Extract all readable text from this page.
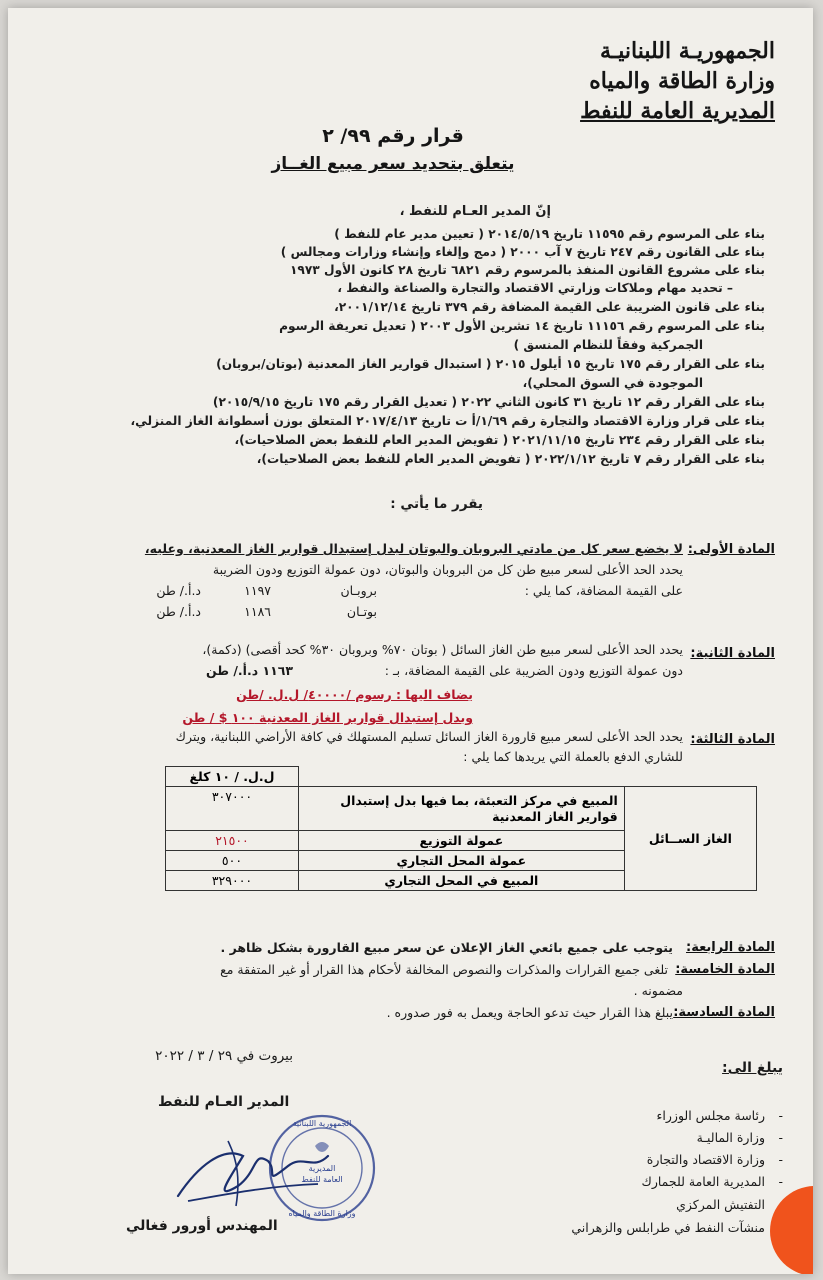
الجمهوريـة اللبنانيـة
وزارة الطاقة والمياه
المديرية العامة للنفط
قرار رقم ٩٩/ ٢
يتعلق بتحديد سعر مبيع الغــاز
إنّ المدير العـام للنفط ،
بناء على المرسوم رقم ١١٥٩٥ تاريخ ٢٠١٤/٥/١٩ ( تعيين مدير عام للنفط )
بناء على القانون رقم ٢٤٧ تاريخ ٧ آب ٢٠٠٠ ( دمج وإلغاء وإنشاء وزارات ومجالس )
بناء على مشروع القانون المنفذ بالمرسوم رقم ٦٨٢١ تاريخ ٢٨ كانون الأول ١٩٧٣
– تحديد مهام وملاكات وزارتي الاقتصاد والتجارة والصناعة والنفط ،
بناء على قانون الضريبة على القيمة المضافة رقم ٣٧٩ تاريخ ٢٠٠١/١٢/١٤،
بناء على المرسوم رقم ١١١٥٦ تاريخ ١٤ تشرين الأول ٢٠٠٣ ( تعديل تعريفة الرسوم
الجمركية وفقاً للنظام المنسق )
بناء على القرار رقم ١٧٥ تاريخ ١٥ أيلول ٢٠١٥ ( استبدال قوارير الغاز المعدنية (بوتان/بروبان)
الموجودة في السوق المحلي)،
بناء على القرار رقم ١٢ تاريخ ٣١ كانون الثاني ٢٠٢٢ ( تعديل القرار رقم ١٧٥ تاريخ ٢٠١٥/٩/١٥)
بناء على قرار وزارة الاقتصاد والتجارة رقم ١/٦٩/أ ت تاريخ ٢٠١٧/٤/١٣ المتعلق بوزن أسطوانة الغاز المنزلي،
بناء على القرار رقم ٢٣٤ تاريخ ٢٠٢١/١١/١٥ ( تفويض المدير العام للنفط بعض الصلاحيات)،
بناء على القرار رقم ٧ تاريخ ٢٠٢٢/١/١٢ ( تفويض المدير العام للنفط بعض الصلاحيات)،
يقرر ما يأتي :
المادة الأولى:
لا يخضع سعر كل من مادتي البروبان والبوتان لبدل إستبدال قوارير الغاز المعدنية، وعليه،
يحدد الحد الأعلى لسعر مبيع طن كل من البروبان والبوتان، دون عمولة التوزيع ودون الضريبة
على القيمة المضافة، كما يلي :
بروبـان
١١٩٧
د.أ./ طن
بوتـان
١١٨٦
د.أ./ طن
المادة الثانية:
يحدد الحد الأعلى لسعر مبيع طن الغاز السائل ( بوتان ٧٠% وبروبان ٣٠% كحد أقصى) (دكمة)،
دون عمولة التوزيع ودون الضريبة على القيمة المضافة، بـ :
١١٦٣ د.أ./ طن
يضاف اليها : رسوم /٤٠٠٠٠/ ل.ل. /طن
وبدل إستبدال قوارير الغاز المعدنية ١٠٠ $ / طن
المادة الثالثة:
يحدد الحد الأعلى لسعر مبيع قارورة الغاز السائل تسليم المستهلك في كافة الأراضي اللبنانية، ويترك
للشاري الدفع بالعملة التي يريدها كما يلي :
		ل.ل. / ١٠ كلغ
الغاز الســائل	المبيع في مركز التعبئة، بما فيها بدل إستبدال قوارير الغاز المعدنية	٣٠٧٠٠٠
	عمولة التوزيع	٢١٥٠٠
	عمولة المحل التجاري	٥٠٠
	المبيع في المحل التجاري	٣٢٩٠٠٠
المادة الرابعة:
يتوجب على جميع بائعي الغاز الإعلان عن سعر مبيع القارورة بشكل ظاهر .
المادة الخامسة:
تلغى جميع القرارات والمذكرات والنصوص المخالفة لأحكام هذا القرار أو غير المتفقة مع
مضمونه .
المادة السادسة:
يبلغ هذا القرار حيث تدعو الحاجة ويعمل به فور صدوره .
بيروت في ٢٩ / ٣ / ٢٠٢٢
يبلغ الى:
رئاسة مجلس الوزراء
وزارة الماليـة
وزارة الاقتصاد والتجارة
المديرية العامة للجمارك
التفتيش المركزي
منشآت النفط في طرابلس والزهراني
-
-
-
-
المدير العـام للنفط
الجمهورية اللبنانية
المديرية
العامة للنفط
وزارة الطاقة والمياه
المهندس أورور فغالي
